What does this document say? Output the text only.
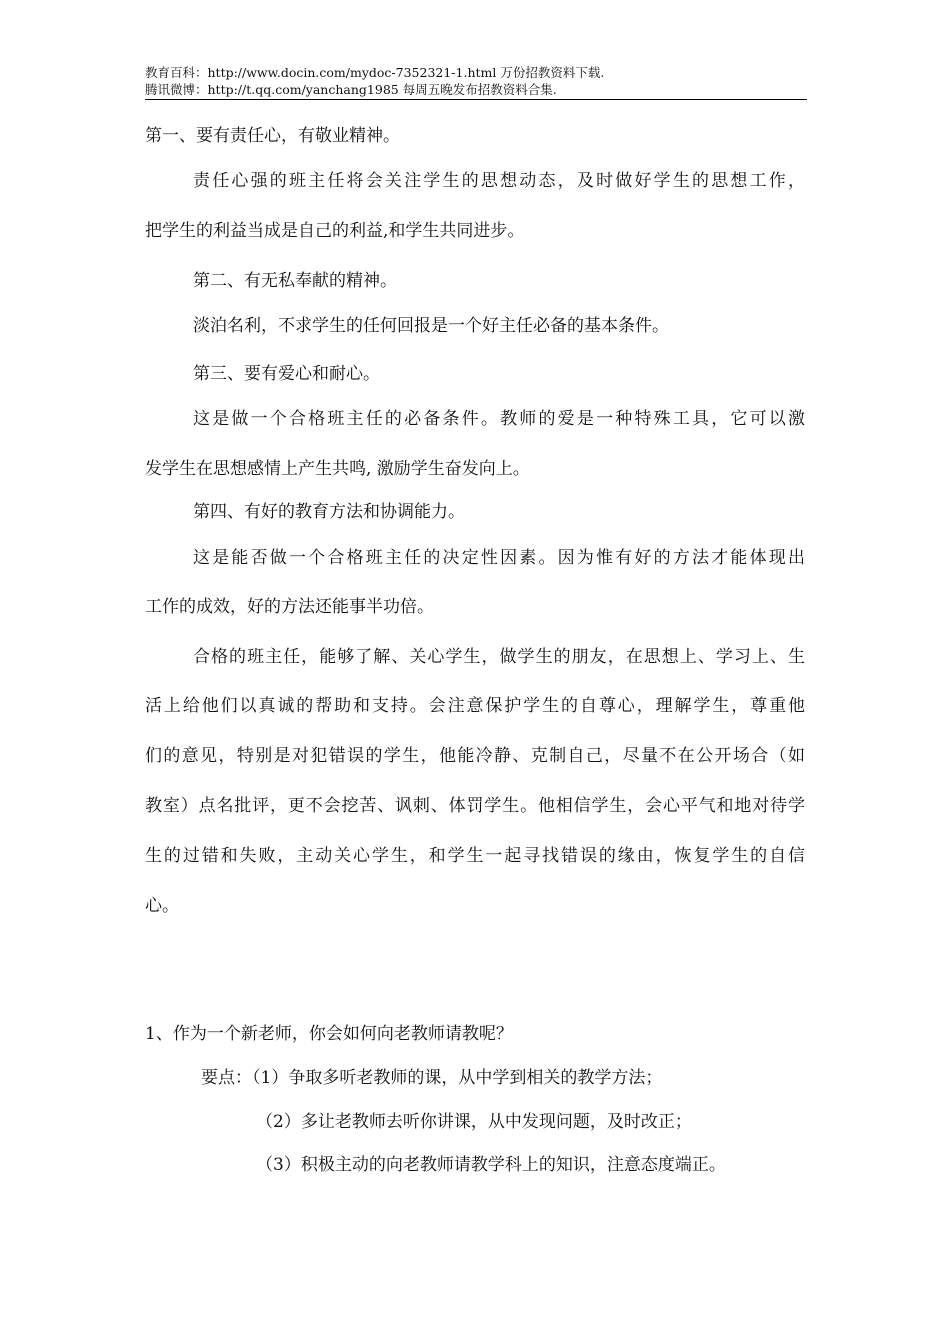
教育百科：http://www.docin.com/mydoc-7352321-1.html 万份招教资料下载.
腾讯微博：http://t.qq.com/yanchang1985 每周五晚发布招教资料合集.
第一、要有责任心，有敬业精神。
责任心强的班主任将会关注学生的思想动态，及时做好学生的思想工作，
把学生的利益当成是自己的利益,和学生共同进步。
第二、有无私奉献的精神。
淡泊名利，不求学生的任何回报是一个好主任必备的基本条件。
第三、要有爱心和耐心。
这是做一个合格班主任的必备条件。教师的爱是一种特殊工具，它可以激
发学生在思想感情上产生共鸣, 激励学生奋发向上。
第四、有好的教育方法和协调能力。
这是能否做一个合格班主任的决定性因素。因为惟有好的方法才能体现出
工作的成效，好的方法还能事半功倍。
合格的班主任，能够了解、关心学生，做学生的朋友，在思想上、学习上、生
活上给他们以真诚的帮助和支持。会注意保护学生的自尊心，理解学生，尊重他
们的意见，特别是对犯错误的学生，他能冷静、克制自己，尽量不在公开场合（如
教室）点名批评，更不会挖苦、讽刺、体罚学生。他相信学生，会心平气和地对待学
生的过错和失败，主动关心学生，和学生一起寻找错误的缘由，恢复学生的自信
心。
1、作为一个新老师，你会如何向老教师请教呢？
要点：（1）争取多听老教师的课，从中学到相关的教学方法；
（2）多让老教师去听你讲课，从中发现问题，及时改正；
（3）积极主动的向老教师请教学科上的知识，注意态度端正。
